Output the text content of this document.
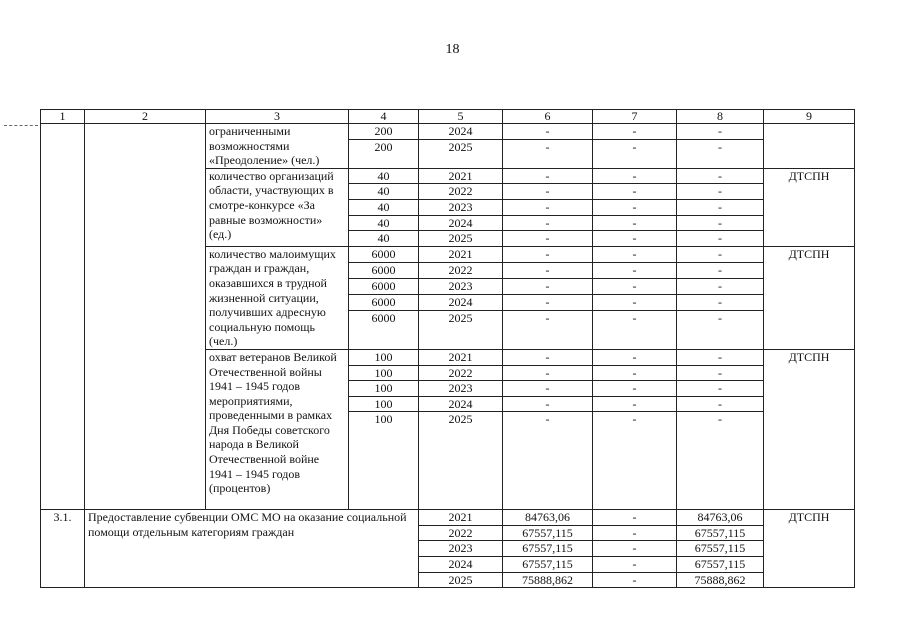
18
1	2	3	4	5	6	7	8	9
		ограниченными возможностями «Преодоление» (чел.)	200	2024	-	-	-	
			200	2025	-	-	-	
		количество организаций области, участвующих в смотре-конкурсе «За равные возможности» (ед.)	40	2021	-	-	-	ДТСПН
			40	2022	-	-	-	
			40	2023	-	-	-	
			40	2024	-	-	-	
			40	2025	-	-	-	
		количество малоимущих граждан и граждан, оказавшихся в трудной жизненной ситуации, получивших адресную социальную помощь (чел.)	6000	2021	-	-	-	ДТСПН
			6000	2022	-	-	-	
			6000	2023	-	-	-	
			6000	2024	-	-	-	
			6000	2025	-	-	-	
		охват ветеранов Великой Отечественной войны 1941 – 1945 годов мероприятиями, проведенными в рамках Дня Победы советского народа в Великой Отечественной войне 1941 – 1945 годов (процентов)	100	2021	-	-	-	ДТСПН
			100	2022	-	-	-	
			100	2023	-	-	-	
			100	2024	-	-	-	
			100	2025	-	-	-	
3.1.	Предоставление субвенции ОМС МО на оказание социальной помощи отдельным категориям граждан			2021	84763,06	-	84763,06	ДТСПН
				2022	67557,115	-	67557,115	
				2023	67557,115	-	67557,115	
				2024	67557,115	-	67557,115	
				2025	75888,862	-	75888,862	
